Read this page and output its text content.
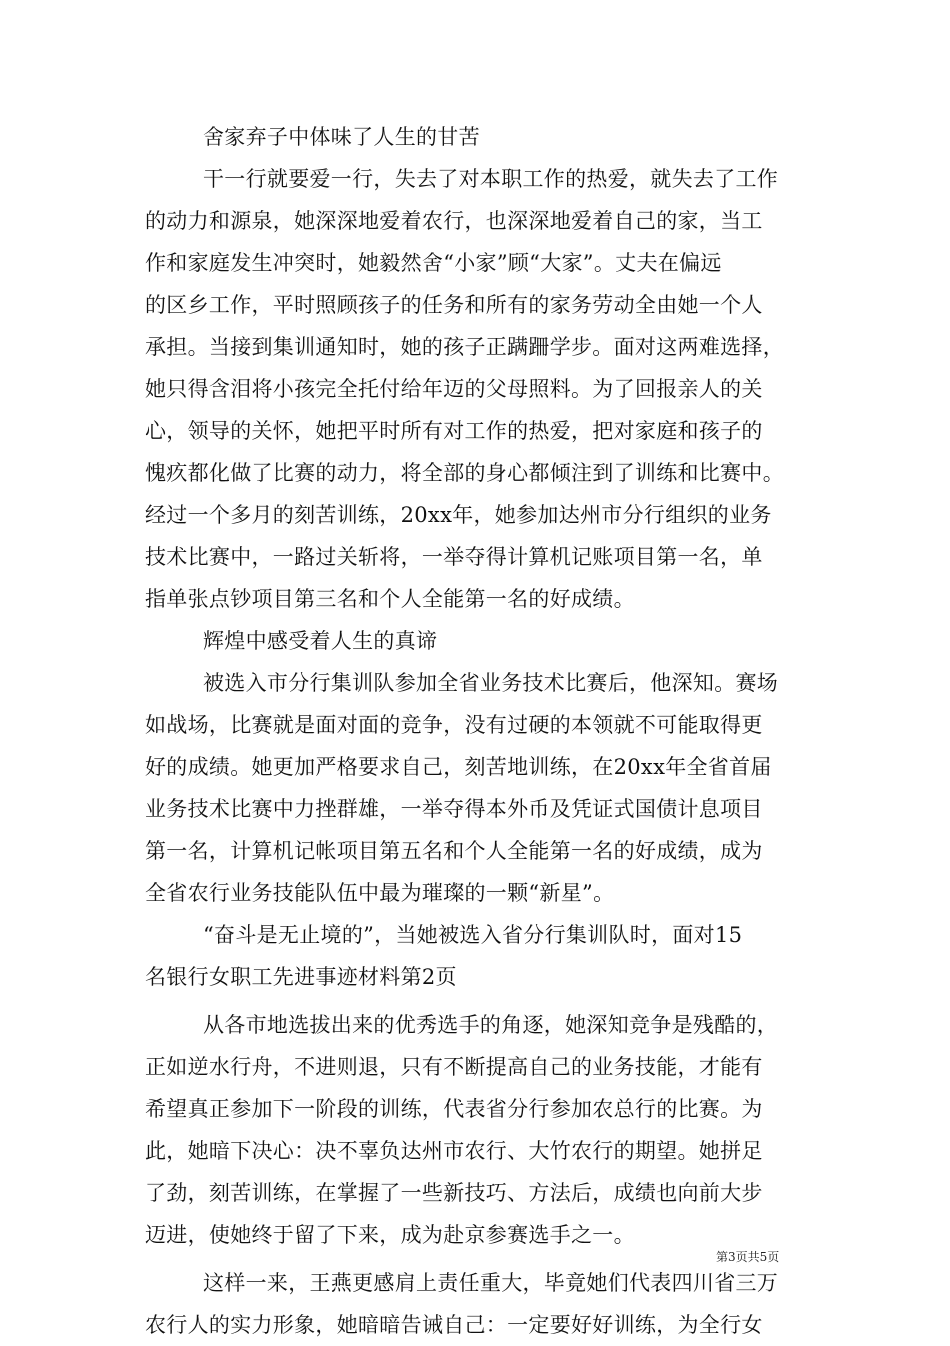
舍家弃子中体味了人生的甘苦
干一行就要爱一行，失去了对本职工作的热爱，就失去了工作
的动力和源泉，她深深地爱着农行，也深深地爱着自己的家，当工
作和家庭发生冲突时，她毅然舍“小家”顾“大家”。丈夫在偏远
的区乡工作，平时照顾孩子的任务和所有的家务劳动全由她一个人
承担。当接到集训通知时，她的孩子正蹒跚学步。面对这两难选择，
她只得含泪将小孩完全托付给年迈的父母照料。为了回报亲人的关
心，领导的关怀，她把平时所有对工作的热爱，把对家庭和孩子的
愧疚都化做了比赛的动力，将全部的身心都倾注到了训练和比赛中。
经过一个多月的刻苦训练，20xx年，她参加达州市分行组织的业务
技术比赛中，一路过关斩将，一举夺得计算机记账项目第一名，单
指单张点钞项目第三名和个人全能第一名的好成绩。
辉煌中感受着人生的真谛
被选入市分行集训队参加全省业务技术比赛后，他深知。赛场
如战场，比赛就是面对面的竞争，没有过硬的本领就不可能取得更
好的成绩。她更加严格要求自己，刻苦地训练，在20xx年全省首届
业务技术比赛中力挫群雄，一举夺得本外币及凭证式国债计息项目
第一名，计算机记帐项目第五名和个人全能第一名的好成绩，成为
全省农行业务技能队伍中最为璀璨的一颗“新星”。
“奋斗是无止境的”，当她被选入省分行集训队时，面对15
名银行女职工先进事迹材料第2页
从各市地选拔出来的优秀选手的角逐，她深知竞争是残酷的，
正如逆水行舟，不进则退，只有不断提高自己的业务技能，才能有
希望真正参加下一阶段的训练，代表省分行参加农总行的比赛。为
此，她暗下决心：决不辜负达州市农行、大竹农行的期望。她拼足
了劲，刻苦训练，在掌握了一些新技巧、方法后，成绩也向前大步
迈进，使她终于留了下来，成为赴京参赛选手之一。
这样一来，王燕更感肩上责任重大，毕竟她们代表四川省三万
农行人的实力形象，她暗暗告诫自己：一定要好好训练，为全行女
第3页共5页
